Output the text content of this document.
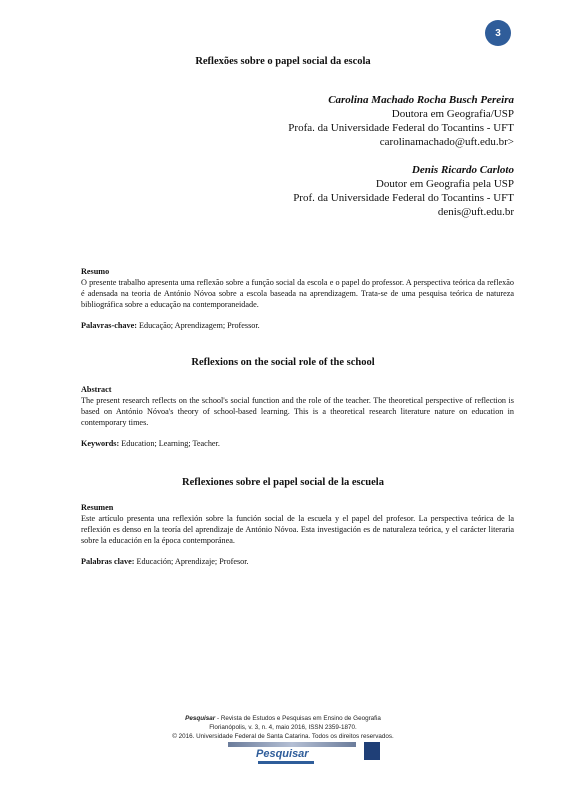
3
Reflexões sobre o papel social da escola
Carolina Machado Rocha Busch Pereira
Doutora em Geografia/USP
Profa. da Universidade Federal do Tocantins - UFT
carolinamachado@uft.edu.br>
Denis Ricardo Carloto
Doutor em Geografia pela USP
Prof. da Universidade Federal do Tocantins - UFT
denis@uft.edu.br
Resumo
O presente trabalho apresenta uma reflexão sobre a função social da escola e o papel do professor. A perspectiva teórica da reflexão é adensada na teoria de António Nóvoa sobre a escola baseada na aprendizagem. Trata-se de uma pesquisa teórica de natureza bibliográfica sobre a educação na contemporaneidade.
Palavras-chave: Educação; Aprendizagem; Professor.
Reflexions on the social role of the school
Abstract
The present research reflects on the school's social function and the role of the teacher. The theoretical perspective of reflection is based on António Nóvoa's theory of school-based learning. This is a theoretical research literature nature on education in contemporary times.
Keywords: Education; Learning; Teacher.
Reflexiones sobre el papel social de la escuela
Resumen
Este artículo presenta una reflexión sobre la función social de la escuela y el papel del profesor. La perspectiva teórica de la reflexión es denso en la teoría del aprendizaje de António Nóvoa. Esta investigación es de naturaleza teórica, y el carácter literaria sobre la educación en la época contemporánea.
Palabras clave: Educación; Aprendizaje; Profesor.
Pesquisar - Revista de Estudos e Pesquisas em Ensino de Geografia
Florianópolis, v. 3, n. 4, maio 2016, ISSN 2359-1870.
© 2016. Universidade Federal de Santa Catarina. Todos os direitos reservados.
Pesquisar
